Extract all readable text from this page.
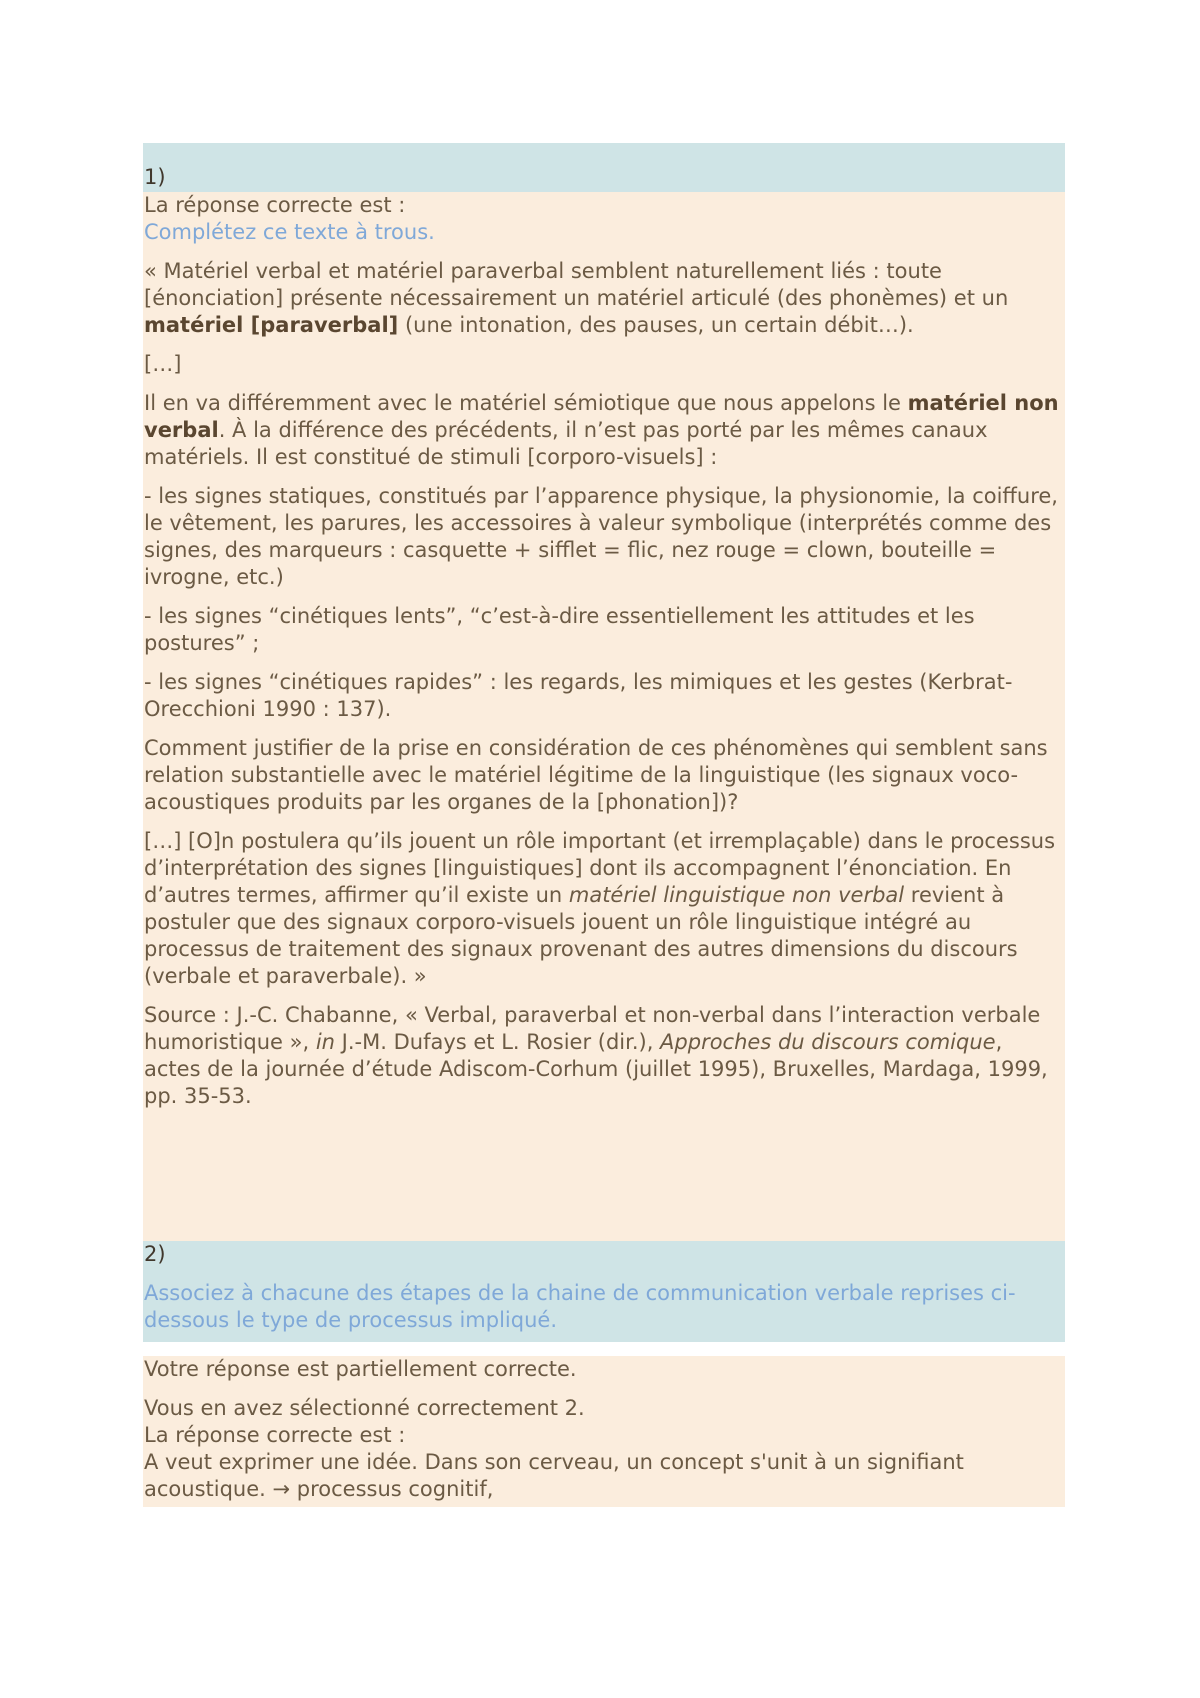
1)

La réponse correcte est :

Complétez ce texte à trous.

« Matériel verbal et matériel paraverbal semblent naturellement liés : toute [énonciation] présente nécessairement un matériel articulé (des phonèmes) et un matériel [paraverbal] (une intonation, des pauses, un certain débit…).

[…]

Il en va différemment avec le matériel sémiotique que nous appelons le matériel non verbal. À la différence des précédents, il n’est pas porté par les mêmes canaux matériels. Il est constitué de stimuli [corporo-visuels] :

- les signes statiques, constitués par l’apparence physique, la physionomie, la coiffure, le vêtement, les parures, les accessoires à valeur symbolique (interprétés comme des signes, des marqueurs : casquette + sifflet = flic, nez rouge = clown, bouteille = ivrogne, etc.)

- les signes “cinétiques lents”, “c’est-à-dire essentiellement les attitudes et les postures” ;

- les signes “cinétiques rapides” : les regards, les mimiques et les gestes (Kerbrat-Orecchioni 1990 : 137).

Comment justifier de la prise en considération de ces phénomènes qui semblent sans relation substantielle avec le matériel légitime de la linguistique (les signaux voco-acoustiques produits par les organes de la [phonation])?

[…] [O]n postulera qu’ils jouent un rôle important (et irremplaçable) dans le processus d’interprétation des signes [linguistiques] dont ils accompagnent l’énonciation. En d’autres termes, affirmer qu’il existe un matériel linguistique non verbal revient à postuler que des signaux corporo-visuels jouent un rôle linguistique intégré au processus de traitement des signaux provenant des autres dimensions du discours (verbale et paraverbale). »

Source : J.-C. Chabanne, « Verbal, paraverbal et non-verbal dans l’interaction verbale humoristique », in J.-M. Dufays et L. Rosier (dir.), Approches du discours comique, actes de la journée d’étude Adiscom-Corhum (juillet 1995), Bruxelles, Mardaga, 1999, pp. 35-53.

2)

Associez à chacune des étapes de la chaine de communication verbale reprises ci-dessous le type de processus impliqué.

Votre réponse est partiellement correcte.

Vous en avez sélectionné correctement 2.

La réponse correcte est :

A veut exprimer une idée. Dans son cerveau, un concept s'unit à un signifiant acoustique. → processus cognitif,
